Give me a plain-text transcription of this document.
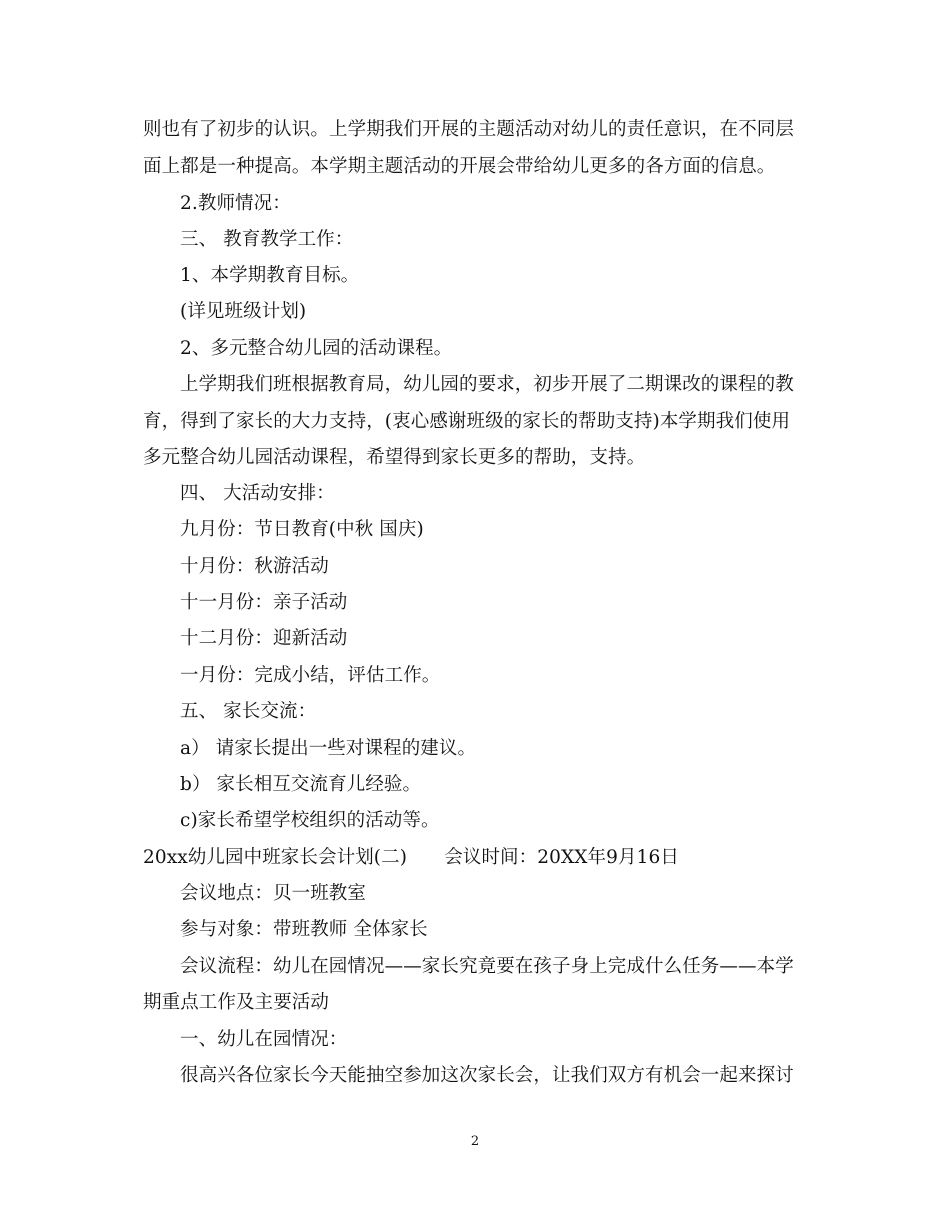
则也有了初步的认识。上学期我们开展的主题活动对幼儿的责任意识，在不同层
面上都是一种提高。本学期主题活动的开展会带给幼儿更多的各方面的信息。
2.教师情况：
三、 教育教学工作：
1、本学期教育目标。
(详见班级计划)
2、多元整合幼儿园的活动课程。
上学期我们班根据教育局，幼儿园的要求，初步开展了二期课改的课程的教
育，得到了家长的大力支持，(衷心感谢班级的家长的帮助支持)本学期我们使用
多元整合幼儿园活动课程，希望得到家长更多的帮助，支持。
四、 大活动安排：
九月份：节日教育(中秋 国庆)
十月份：秋游活动
十一月份：亲子活动
十二月份：迎新活动
一月份：完成小结，评估工作。
五、 家长交流：
a） 请家长提出一些对课程的建议。
b） 家长相互交流育儿经验。
c)家长希望学校组织的活动等。
20xx幼儿园中班家长会计划(二)　　会议时间：20XX年9月16日
会议地点：贝一班教室
参与对象：带班教师 全体家长
会议流程：幼儿在园情况——家长究竟要在孩子身上完成什么任务——本学
期重点工作及主要活动
一、幼儿在园情况：
很高兴各位家长今天能抽空参加这次家长会，让我们双方有机会一起来探讨
2
